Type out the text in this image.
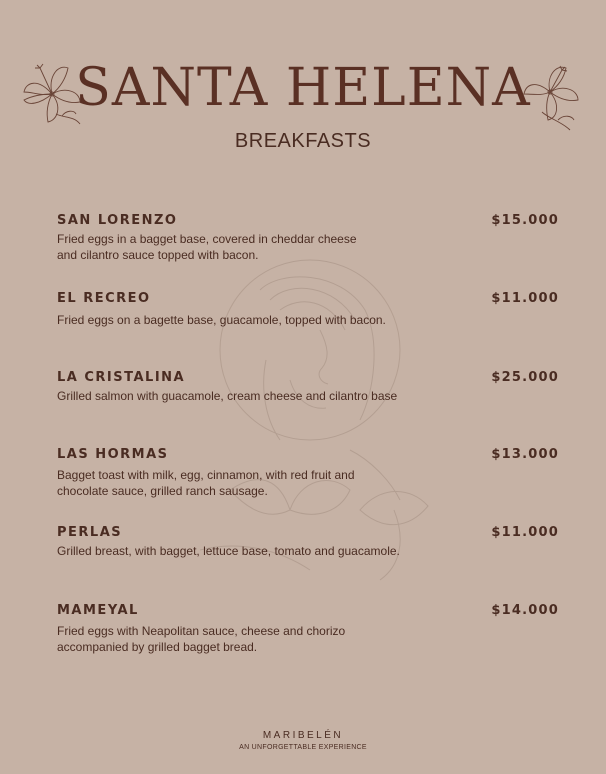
SANTA HELENA
BREAKFASTS
SAN LORENZO	$15.000
Fried eggs in a bagget base, covered in cheddar cheese and cilantro sauce topped with bacon.
EL RECREO	$11.000
Fried eggs on a bagette base, guacamole, topped with bacon.
LA CRISTALINA	$25.000
Grilled salmon with guacamole, cream cheese and cilantro base
LAS HORMAS	$13.000
Bagget toast with milk, egg, cinnamon, with red fruit and chocolate sauce, grilled ranch sausage.
PERLAS	$11.000
Grilled breast, with bagget, lettuce base, tomato and guacamole.
MAMEYAL	$14.000
Fried eggs with Neapolitan sauce, cheese and chorizo accompanied by grilled bagget bread.
MARIBELÉN
AN UNFORGETTABLE EXPERIENCE
